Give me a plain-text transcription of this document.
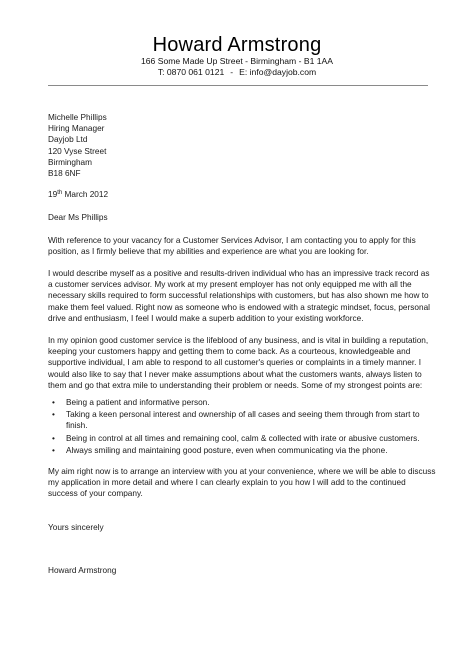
Howard Armstrong
166 Some Made Up Street - Birmingham - B1 1AA
T: 0870 061 0121 - E: info@dayjob.com
Michelle Phillips
Hiring Manager
Dayjob Ltd
120 Vyse Street
Birmingham
B18 6NF
19th March 2012

Dear Ms Phillips

With reference to your vacancy for a Customer Services Advisor, I am contacting you to apply for this position, as I firmly believe that my abilities and experience are what you are looking for.

I would describe myself as a positive and results-driven individual who has an impressive track record as a customer services advisor. My work at my present employer has not only equipped me with all the necessary skills required to form successful relationships with customers, but has also shown me how to make them feel valued. Right now as someone who is endowed with a strategic mindset, focus, personal drive and enthusiasm, I feel I would make a superb addition to your existing workforce.

In my opinion good customer service is the lifeblood of any business, and is vital in building a reputation, keeping your customers happy and getting them to come back. As a courteous, knowledgeable and supportive individual, I am able to respond to all customer's queries or complaints in a timely manner. I would also like to say that I never make assumptions about what the customers wants, always listen to them and go that extra mile to understanding their problem or needs. Some of my strongest points are:

• Being a patient and informative person.
• Taking a keen personal interest and ownership of all cases and seeing them through from start to finish.
• Being in control at all times and remaining cool, calm & collected with irate or abusive customers.
• Always smiling and maintaining good posture, even when communicating via the phone.

My aim right now is to arrange an interview with you at your convenience, where we will be able to discuss my application in more detail and where I can clearly explain to you how I will add to the continued success of your company.

Yours sincerely

Howard Armstrong
